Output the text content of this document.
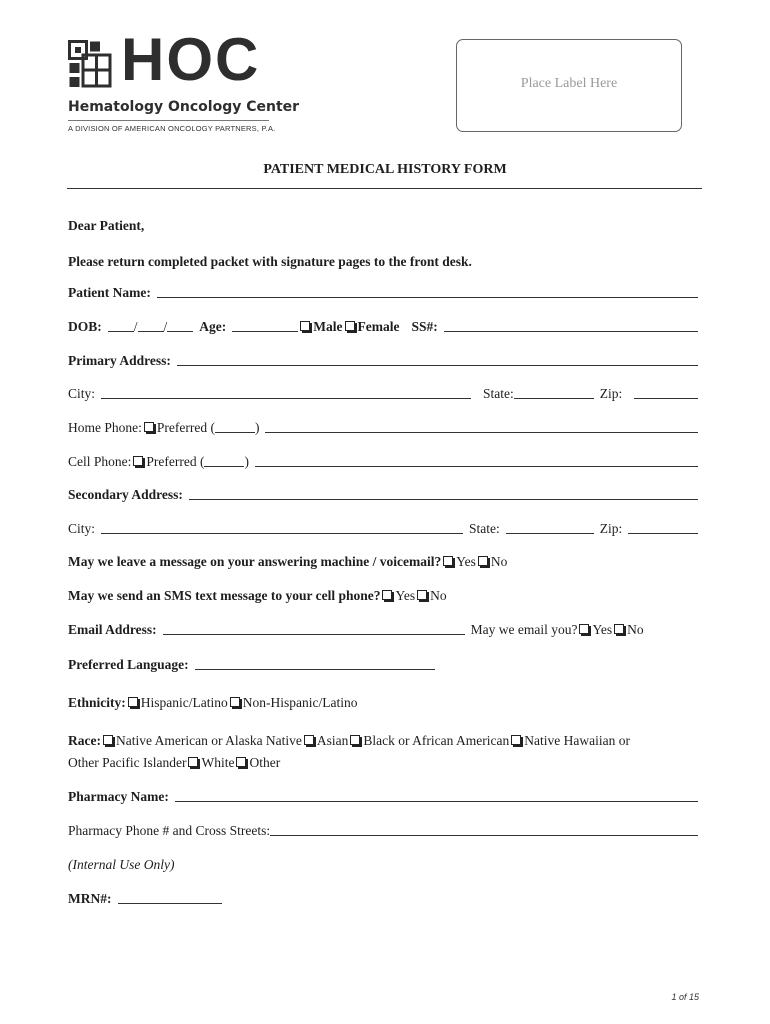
HOC
Hematology Oncology Center
A DIVISION OF AMERICAN ONCOLOGY PARTNERS, P.A.
Place Label Here
PATIENT MEDICAL HISTORY FORM
Dear Patient,
Please return completed packet with signature pages to the front desk.
Patient Name:
DOB: / / Age:	Male Female SS#:
Primary Address:
City:	State:	Zip:
Home Phone: Preferred (	)
Cell Phone: Preferred (	)
Secondary Address:
City:	State:	Zip:
May we leave a message on your answering machine / voicemail? Yes No
May we send an SMS text message to your cell phone? Yes No
Email Address:	May we email you? Yes No
Preferred Language:
Ethnicity: Hispanic/Latino Non-Hispanic/Latino
Race: Native American or Alaska Native Asian Black or African American Native Hawaiian or
Other Pacific Islander White Other
Pharmacy Name:
Pharmacy Phone # and Cross Streets:
(Internal Use Only)
MRN#:
1 of 15
